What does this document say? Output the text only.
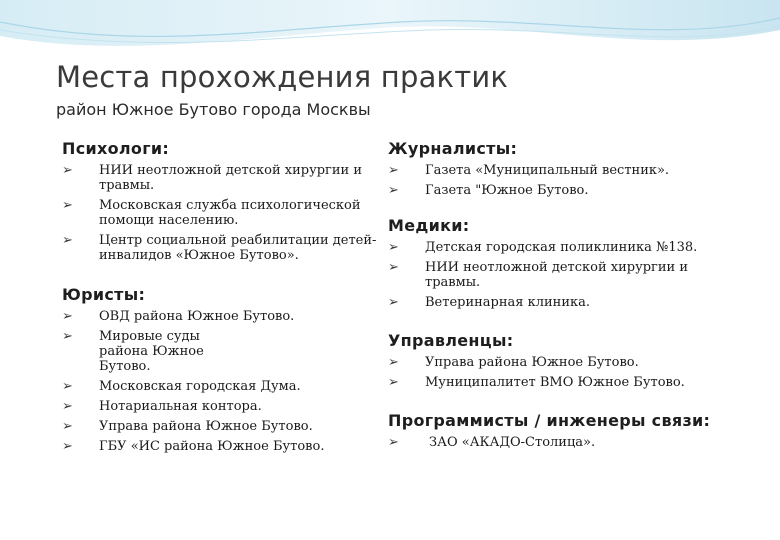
Места прохождения практик
район Южное Бутово города Москвы
Психологи:
➢ НИИ неотложной детской хирургии и травмы.
➢ Московская служба психологической помощи населению.
➢ Центр социальной реабилитации детей-инвалидов «Южное Бутово».
Юристы:
➢ ОВД района Южное Бутово.
➢ Мировые суды района Южное Бутово.
➢ Московская городская Дума.
➢ Нотариальная контора.
➢ Управа района Южное Бутово.
➢ ГБУ «ИС района Южное Бутово.
Журналисты:
➢ Газета «Муниципальный вестник».
➢ Газета "Южное Бутово.
Медики:
➢ Детская городская поликлиника №138.
➢ НИИ неотложной детской хирургии и травмы.
➢ Ветеринарная клиника.
Управленцы:
➢ Управа района Южное Бутово.
➢ Муниципалитет ВМО Южное Бутово.
Программисты / инженеры связи:
➢ ЗАО «АКАДО-Столица».
